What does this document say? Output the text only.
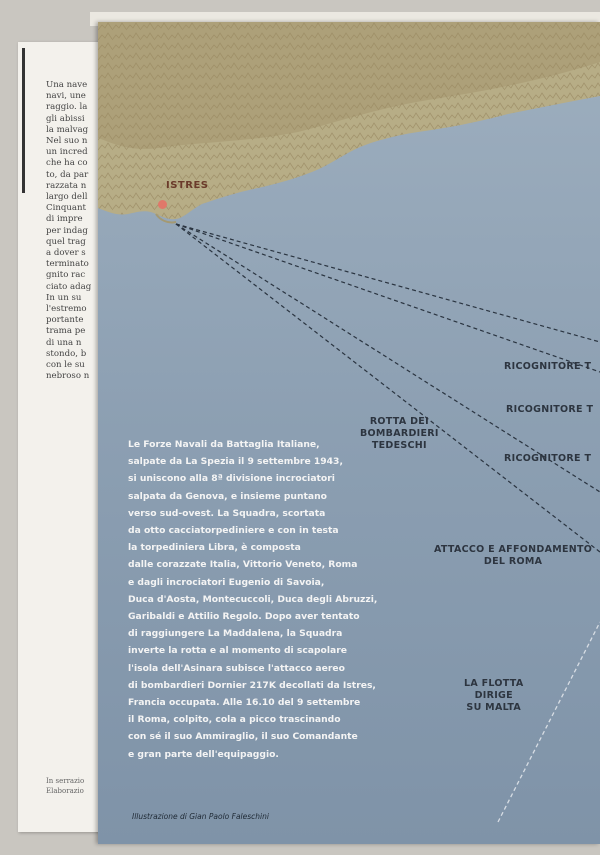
Una nave
navi, une
raggio. la
gli abissi
la malvag
Nel suo n
un incred
che ha co
to, da par
razzata n
largo dell
Cinquant
di impre
per indag
quel trag
a dover s
terminato
gnito rac
ciato adag
In un su
l'estremo
portante
trama pe
di una n
stondo, b
con le su
nebroso n
In serrazio
Elaborazio
ISTRES
RICOGNITORE T
RICOGNITORE T
RICOGNITORE T
ROTTA DEI
BOMBARDIERI
TEDESCHI
ATTACCO E AFFONDAMENTO
DEL ROMA
LA FLOTTA
DIRIGE
SU MALTA
Le Forze Navali da Battaglia Italiane,
salpate da La Spezia il 9 settembre 1943,
si uniscono alla 8ª divisione incrociatori
salpata da Genova, e insieme puntano
verso sud-ovest. La Squadra, scortata
da otto cacciatorpediniere e con in testa
la torpediniera Libra, è composta
dalle corazzate Italia, Vittorio Veneto, Roma
e dagli incrociatori Eugenio di Savoia,
Duca d'Aosta, Montecuccoli, Duca degli Abruzzi,
Garibaldi e Attilio Regolo. Dopo aver tentato
di raggiungere La Maddalena, la Squadra
inverte la rotta e al momento di scapolare
l'isola dell'Asinara subisce l'attacco aereo
di bombardieri Dornier 217K decollati da Istres,
Francia occupata. Alle 16.10 del 9 settembre
il Roma, colpito, cola a picco trascinando
con sé il suo Ammiraglio, il suo Comandante
e gran parte dell'equipaggio.
Illustrazione di Gian Paolo Faleschini
